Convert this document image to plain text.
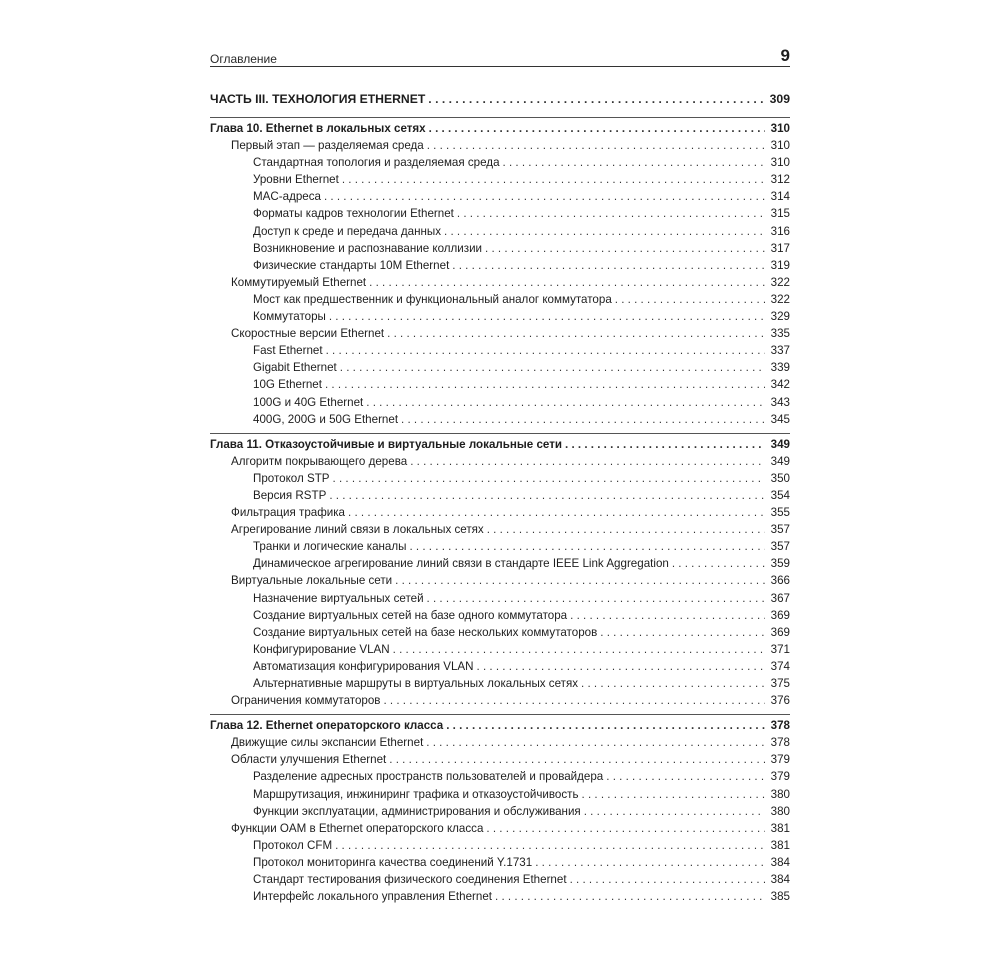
Оглавление	9
ЧАСТЬ III. ТЕХНОЛОГИЯ ETHERNET . . .	309
Глава 10. Ethernet в локальных сетях . . .	310
Первый этап — разделяемая среда . . .	310
Стандартная топология и разделяемая среда . . .	310
Уровни Ethernet . . .	312
MAC-адреса . . .	314
Форматы кадров технологии Ethernet . . .	315
Доступ к среде и передача данных . . .	316
Возникновение и распознавание коллизии . . .	317
Физические стандарты 10M Ethernet . . .	319
Коммутируемый Ethernet . . .	322
Мост как предшественник и функциональный аналог коммутатора . . .	322
Коммутаторы . . .	329
Скоростные версии Ethernet . . .	335
Fast Ethernet . . .	337
Gigabit Ethernet . . .	339
10G Ethernet . . .	342
100G и 40G Ethernet . . .	343
400G, 200G и 50G Ethernet . . .	345
Глава 11. Отказоустойчивые и виртуальные локальные сети . . .	349
Алгоритм покрывающего дерева . . .	349
Протокол STP . . .	350
Версия RSTP . . .	354
Фильтрация трафика . . .	355
Агрегирование линий связи в локальных сетях . . .	357
Транки и логические каналы . . .	357
Динамическое агрегирование линий связи в стандарте IEEE Link Aggregation . . .	359
Виртуальные локальные сети . . .	366
Назначение виртуальных сетей . . .	367
Создание виртуальных сетей на базе одного коммутатора . . .	369
Создание виртуальных сетей на базе нескольких коммутаторов . . .	369
Конфигурирование VLAN . . .	371
Автоматизация конфигурирования VLAN . . .	374
Альтернативные маршруты в виртуальных локальных сетях . . .	375
Ограничения коммутаторов . . .	376
Глава 12. Ethernet операторского класса . . .	378
Движущие силы экспансии Ethernet . . .	378
Области улучшения Ethernet . . .	379
Разделение адресных пространств пользователей и провайдера . . .	379
Маршрутизация, инжиниринг трафика и отказоустойчивость . . .	380
Функции эксплуатации, администрирования и обслуживания . . .	380
Функции OAM в Ethernet операторского класса . . .	381
Протокол CFM . . .	381
Протокол мониторинга качества соединений Y.1731 . . .	384
Стандарт тестирования физического соединения Ethernet . . .	384
Интерфейс локального управления Ethernet . . .	385
